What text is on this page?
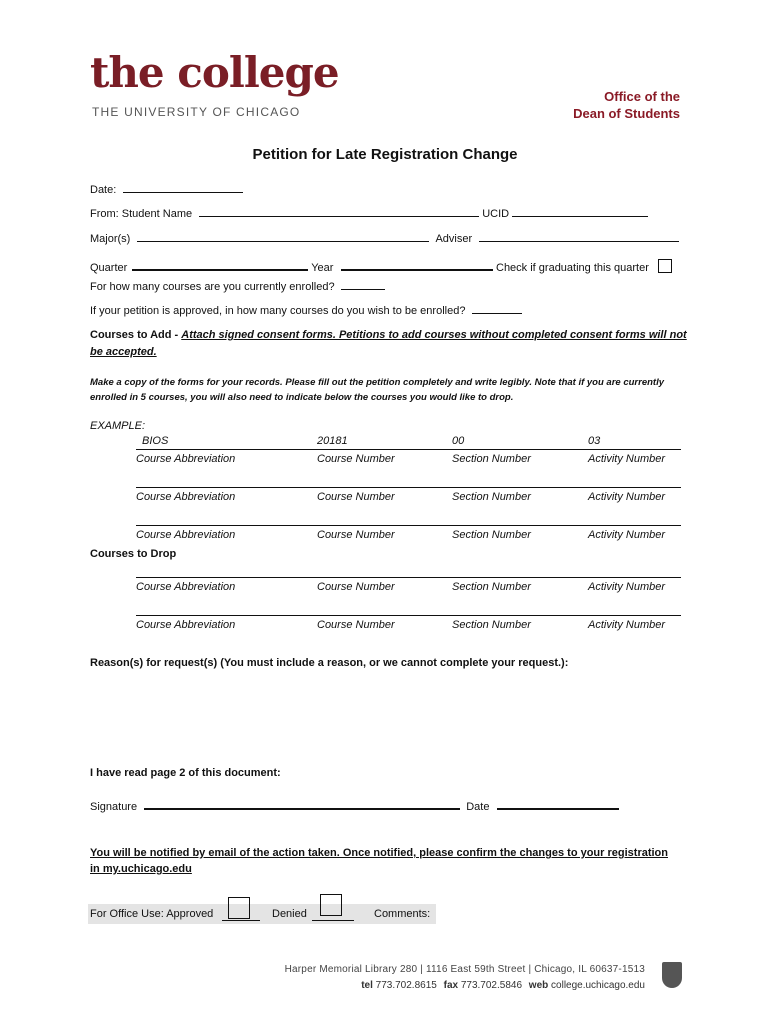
the college
THE UNIVERSITY OF CHICAGO
Office of the
Dean of Students
Petition for Late Registration Change
Date:
From: Student Name	UCID
Major(s)	Adviser
Quarter	Year	Check if graduating this quarter
For how many courses are you currently enrolled?
If your petition is approved, in how many courses do you wish to be enrolled?
Courses to Add - Attach signed consent forms. Petitions to add courses without completed consent forms will not be accepted.
Make a copy of the forms for your records. Please fill out the petition completely and write legibly. Note that if you are currently enrolled in 5 courses, you will also need to indicate below the courses you would like to drop.
EXAMPLE:
BIOS	20181	00	03
Course Abbreviation	Course Number	Section Number	Activity Number
Course Abbreviation	Course Number	Section Number	Activity Number
Course Abbreviation	Course Number	Section Number	Activity Number
Courses to Drop
Course Abbreviation	Course Number	Section Number	Activity Number
Course Abbreviation	Course Number	Section Number	Activity Number
Reason(s) for request(s) (You must include a reason, or we cannot complete your request.):
I have read page 2 of this document:
Signature	Date
You will be notified by email of the action taken. Once notified, please confirm the changes to your registration in my.uchicago.edu
For Office Use: Approved	Denied	Comments:
Harper Memorial Library 280 | 1116 East 59th Street | Chicago, IL 60637-1513
tel 773.702.8615 fax 773.702.5846 web college.uchicago.edu
